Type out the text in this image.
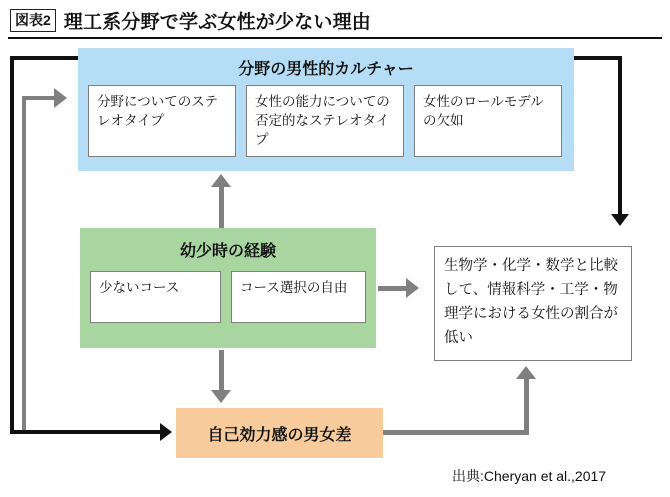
図表2 理工系分野で学ぶ女性が少ない理由
分野の男性的カルチャー
分野についてのステレオタイプ
女性の能力についての否定的なステレオタイプ
女性のロールモデルの欠如
幼少時の経験
少ないコース	コース選択の自由
自己効力感の男女差
生物学・化学・数学と比較して、情報科学・工学・物理学における女性の割合が低い
出典:Cheryan et al.,2017
